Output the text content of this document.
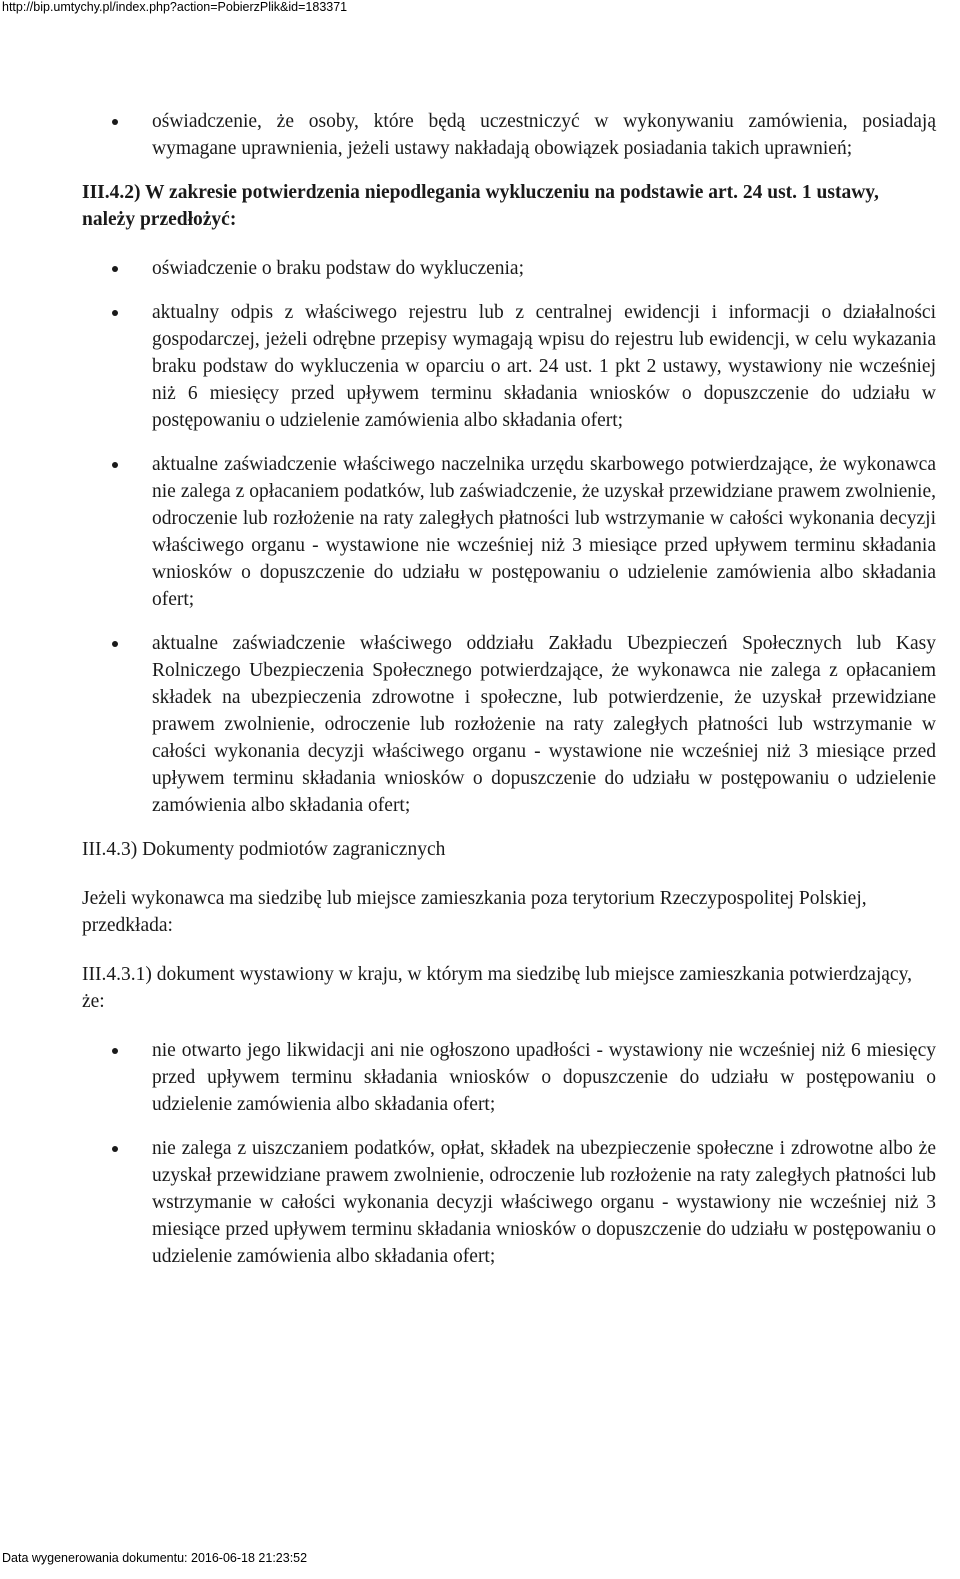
http://bip.umtychy.pl/index.php?action=PobierzPlik&id=183371
oświadczenie, że osoby, które będą uczestniczyć w wykonywaniu zamówienia, posiadają wymagane uprawnienia, jeżeli ustawy nakładają obowiązek posiadania takich uprawnień;

III.4.2) W zakresie potwierdzenia niepodlegania wykluczeniu na podstawie art. 24 ust. 1 ustawy, należy przedłożyć:

oświadczenie o braku podstaw do wykluczenia;
aktualny odpis z właściwego rejestru lub z centralnej ewidencji i informacji o działalności gospodarczej, jeżeli odrębne przepisy wymagają wpisu do rejestru lub ewidencji, w celu wykazania braku podstaw do wykluczenia w oparciu o art. 24 ust. 1 pkt 2 ustawy, wystawiony nie wcześniej niż 6 miesięcy przed upływem terminu składania wniosków o dopuszczenie do udziału w postępowaniu o udzielenie zamówienia albo składania ofert;
aktualne zaświadczenie właściwego naczelnika urzędu skarbowego potwierdzające, że wykonawca nie zalega z opłacaniem podatków, lub zaświadczenie, że uzyskał przewidziane prawem zwolnienie, odroczenie lub rozłożenie na raty zaległych płatności lub wstrzymanie w całości wykonania decyzji właściwego organu - wystawione nie wcześniej niż 3 miesiące przed upływem terminu składania wniosków o dopuszczenie do udziału w postępowaniu o udzielenie zamówienia albo składania ofert;
aktualne zaświadczenie właściwego oddziału Zakładu Ubezpieczeń Społecznych lub Kasy Rolniczego Ubezpieczenia Społecznego potwierdzające, że wykonawca nie zalega z opłacaniem składek na ubezpieczenia zdrowotne i społeczne, lub potwierdzenie, że uzyskał przewidziane prawem zwolnienie, odroczenie lub rozłożenie na raty zaległych płatności lub wstrzymanie w całości wykonania decyzji właściwego organu - wystawione nie wcześniej niż 3 miesiące przed upływem terminu składania wniosków o dopuszczenie do udziału w postępowaniu o udzielenie zamówienia albo składania ofert;

III.4.3) Dokumenty podmiotów zagranicznych

Jeżeli wykonawca ma siedzibę lub miejsce zamieszkania poza terytorium Rzeczypospolitej Polskiej, przedkłada:

III.4.3.1) dokument wystawiony w kraju, w którym ma siedzibę lub miejsce zamieszkania potwierdzający, że:

nie otwarto jego likwidacji ani nie ogłoszono upadłości - wystawiony nie wcześniej niż 6 miesięcy przed upływem terminu składania wniosków o dopuszczenie do udziału w postępowaniu o udzielenie zamówienia albo składania ofert;
nie zalega z uiszczaniem podatków, opłat, składek na ubezpieczenie społeczne i zdrowotne albo że uzyskał przewidziane prawem zwolnienie, odroczenie lub rozłożenie na raty zaległych płatności lub wstrzymanie w całości wykonania decyzji właściwego organu - wystawiony nie wcześniej niż 3 miesiące przed upływem terminu składania wniosków o dopuszczenie do udziału w postępowaniu o udzielenie zamówienia albo składania ofert;
Data wygenerowania dokumentu: 2016-06-18 21:23:52
